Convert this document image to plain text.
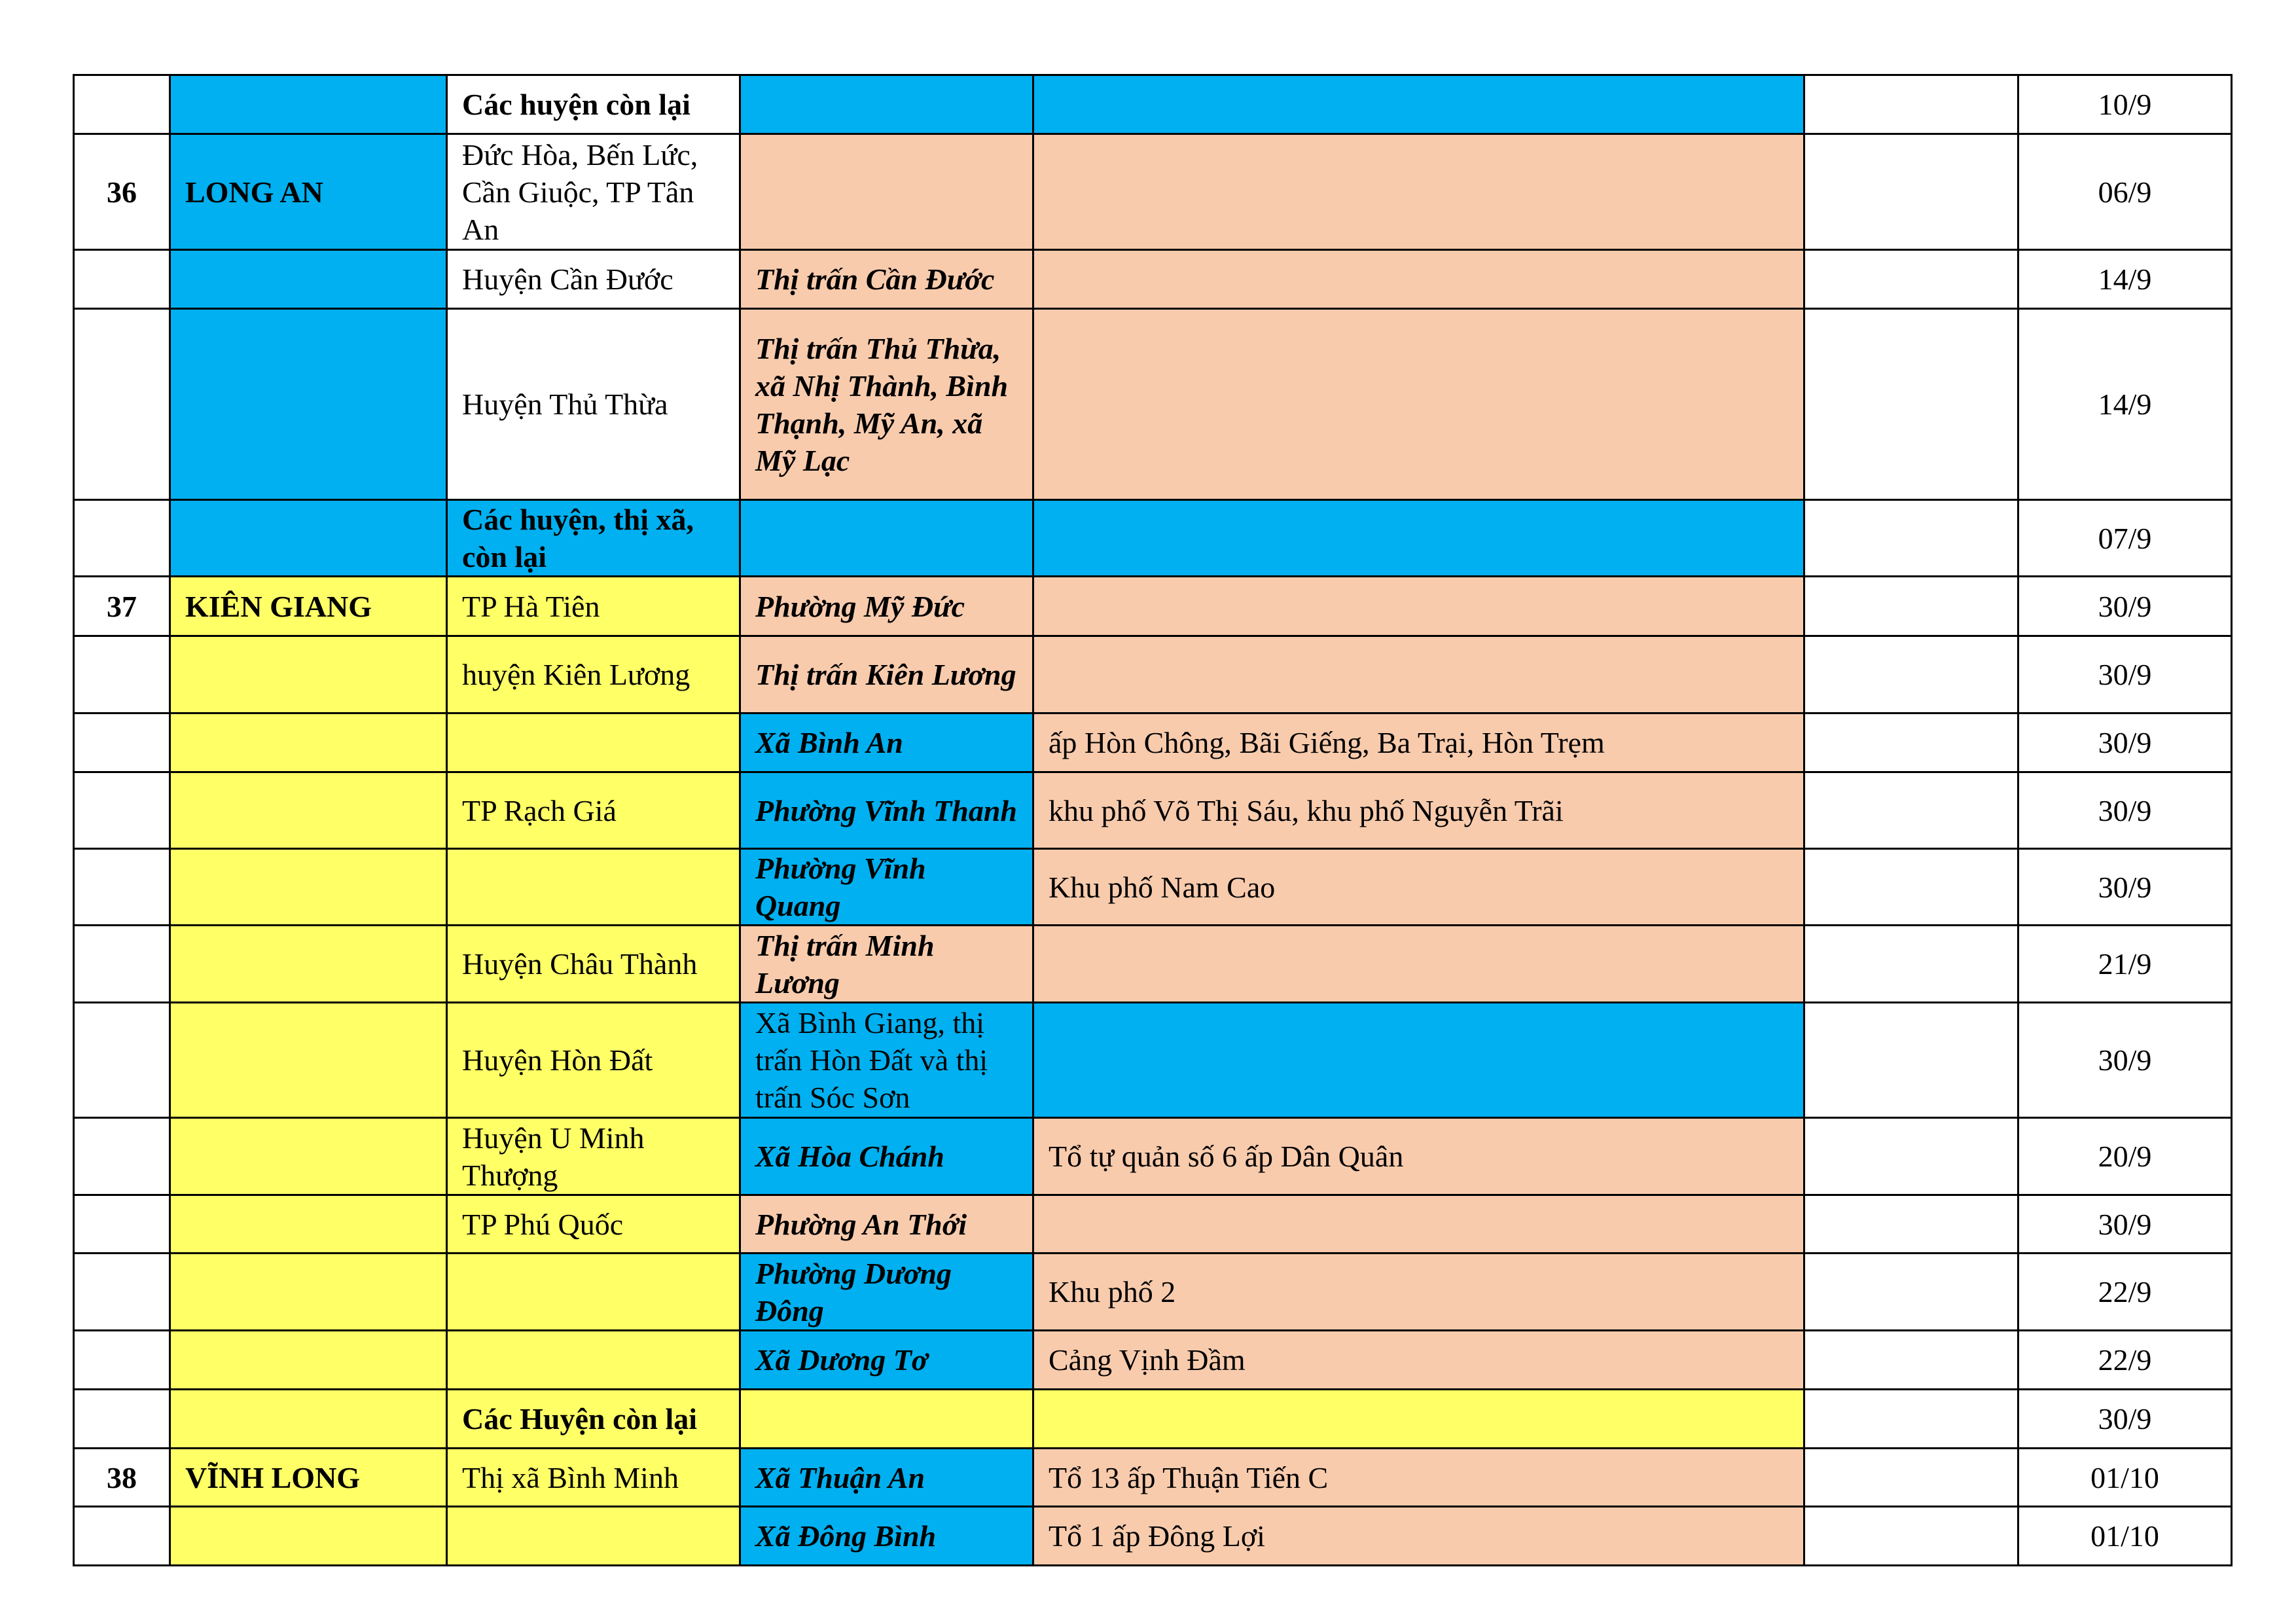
		Các huyện còn lại				10/9
36	LONG AN	Đức Hòa, Bến Lức, Cần Giuộc, TP Tân An				06/9
		Huyện Cần Đước	Thị trấn Cần Đước			14/9
		Huyện Thủ Thừa	Thị trấn Thủ Thừa, xã Nhị Thành, Bình Thạnh, Mỹ An, xã Mỹ Lạc			14/9
		Các huyện, thị xã, còn lại				07/9
37	KIÊN GIANG	TP Hà Tiên	Phường Mỹ Đức			30/9
		huyện Kiên Lương	Thị trấn Kiên Lương			30/9
			Xã Bình An	ấp Hòn Chông, Bãi Giếng, Ba Trại, Hòn Trẹm		30/9
		TP Rạch Giá	Phường Vĩnh Thanh	khu phố Võ Thị Sáu, khu phố Nguyễn Trãi		30/9
			Phường Vĩnh Quang	Khu phố Nam Cao		30/9
		Huyện Châu Thành	Thị trấn Minh Lương			21/9
		Huyện Hòn Đất	Xã Bình Giang, thị trấn Hòn Đất và thị trấn Sóc Sơn			30/9
		Huyện U Minh Thượng	Xã Hòa Chánh	Tổ tự quản số 6 ấp Dân Quân		20/9
		TP Phú Quốc	Phường An Thới			30/9
			Phường Dương Đông	Khu phố 2		22/9
			Xã Dương Tơ	Cảng Vịnh Đầm		22/9
		Các Huyện còn lại				30/9
38	VĨNH LONG	Thị xã Bình Minh	Xã Thuận An	Tổ 13 ấp Thuận Tiến C		01/10
			Xã Đông Bình	Tổ 1 ấp Đông Lợi		01/10
